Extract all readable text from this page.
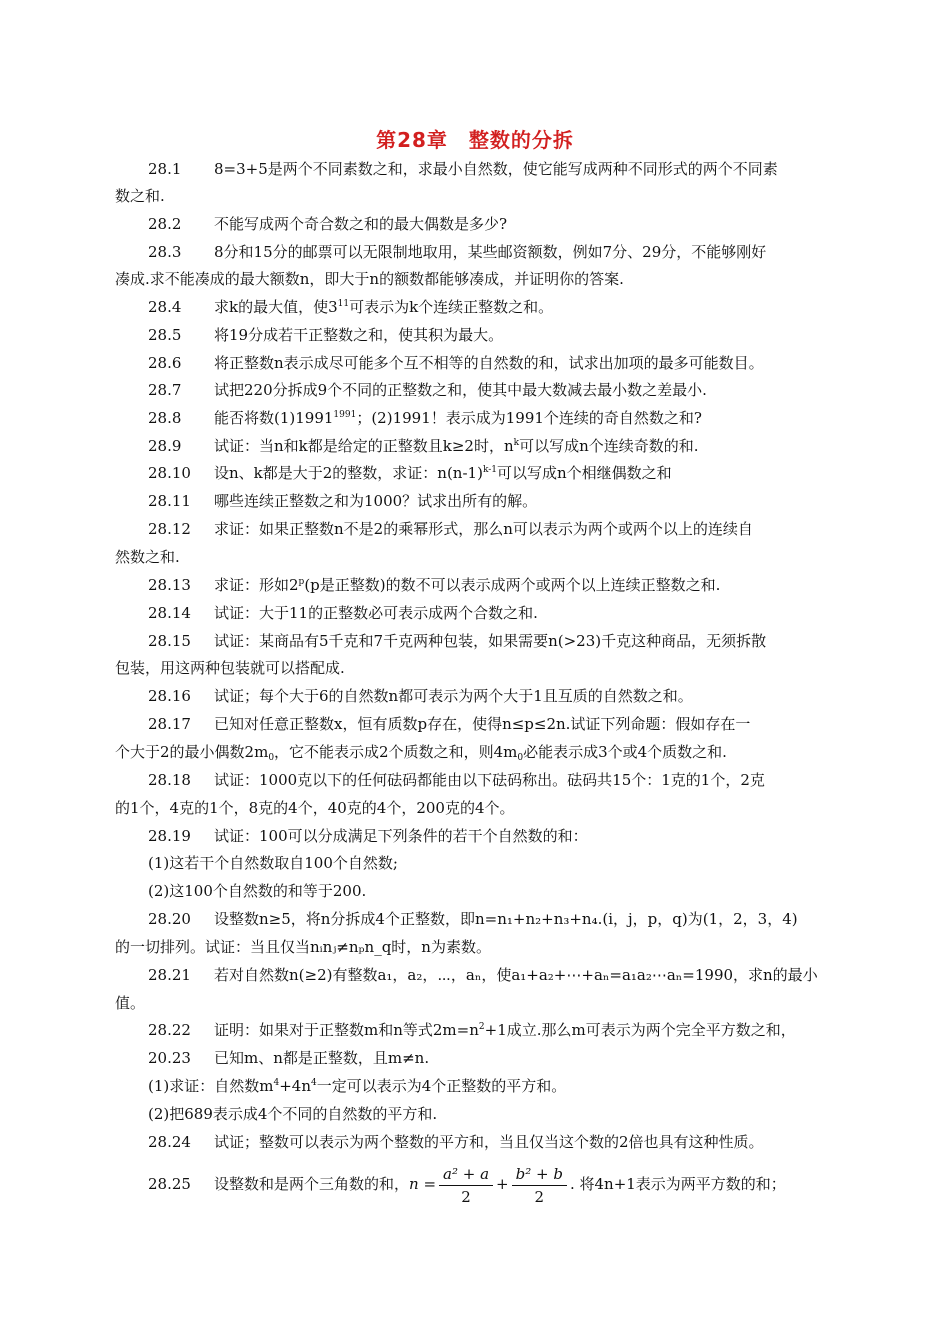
第28章　整数的分拆
28.1 8=3+5是两个不同素数之和，求最小自然数，使它能写成两种不同形式的两个不同素
数之和.
28.2 不能写成两个奇合数之和的最大偶数是多少?
28.3 8分和15分的邮票可以无限制地取用，某些邮资额数，例如7分、29分，不能够刚好
凑成.求不能凑成的最大额数n，即大于n的额数都能够凑成，并证明你的答案.
28.4 求k的最大值，使$3^{11}$可表示为k个连续正整数之和。
28.5 将19分成若干正整数之和，使其积为最大。
28.6 将正整数n表示成尽可能多个互不相等的自然数的和，试求出加项的最多可能数目。
28.7 试把220分拆成9个不同的正整数之和，使其中最大数减去最小数之差最小.
28.8 能否将数$(1)1991^{1991}$；(2)1991！表示成为1991个连续的奇自然数之和?
28.9 试证：当n和k都是给定的正整数且k≥2时，$n^k$可以写成n个连续奇数的和.
28.10 设n、k都是大于2的整数，求证：$n(n-1)^{k-1}$可以写成n个相继偶数之和
28.11 哪些连续正整数之和为1000？试求出所有的解。
28.12 求证：如果正整数n不是2的乘幂形式，那么n可以表示为两个或两个以上的连续自
然数之和.
28.13 求证：形如2$^p$(p是正整数)的数不可以表示成两个或两个以上连续正整数之和.
28.14 试证：大于11的正整数必可表示成两个合数之和.
28.15 试证：某商品有5千克和7千克两种包装，如果需要n(>23)千克这种商品，无须拆散
包装，用这两种包装就可以搭配成.
28.16 试证；每个大于6的自然数n都可表示为两个大于1且互质的自然数之和。
28.17 已知对任意正整数x，恒有质数p存在，使得n≤p≤2n.试证下列命题：假如存在一
个大于2的最小偶数$2m_0$，它不能表示成2个质数之和，则$4m_0$必能表示成3个或4个质数之和.
28.18 试证：1000克以下的任何砝码都能由以下砝码称出。砝码共15个：1克的1个，2克
的1个，4克的1个，8克的4个，40克的4个，200克的4个。
28.19 试证：100可以分成满足下列条件的若干个自然数的和：
(1)这若干个自然数取自100个自然数;
(2)这100个自然数的和等于200.
28.20 设整数n≥5，将n分拆成4个正整数，即n=n₁+n₂+n₃+n₄.(i，j，p，q)为(1，2，3，4)
的一切排列。试证：当且仅当nᵢnⱼ≠nₚn_q时，n为素数。
28.21 若对自然数n(≥2)有整数a₁，a₂，⋯，aₙ，使a₁+a₂+⋯+aₙ=a₁a₂⋯aₙ=1990，求n的最小
值。
28.22 证明：如果对于正整数m和n等式$2m=n^2+1$成立.那么m可表示为两个完全平方数之和，
20.23 已知m、n都是正整数，且m≠n.
(1)求证：自然数$m^4+4n^4$一定可以表示为4个正整数的平方和。
(2)把689表示成4个不同的自然数的平方和.
28.24 试证；整数可以表示为两个整数的平方和，当且仅当这个数的2倍也具有这种性质。
28.25 设整数和是两个三角数的和，$n = \frac{\text{a² + a}}{2} + \frac{\text{b² + b}}{2}$ . 将4n+1表示为两平方数的和；
